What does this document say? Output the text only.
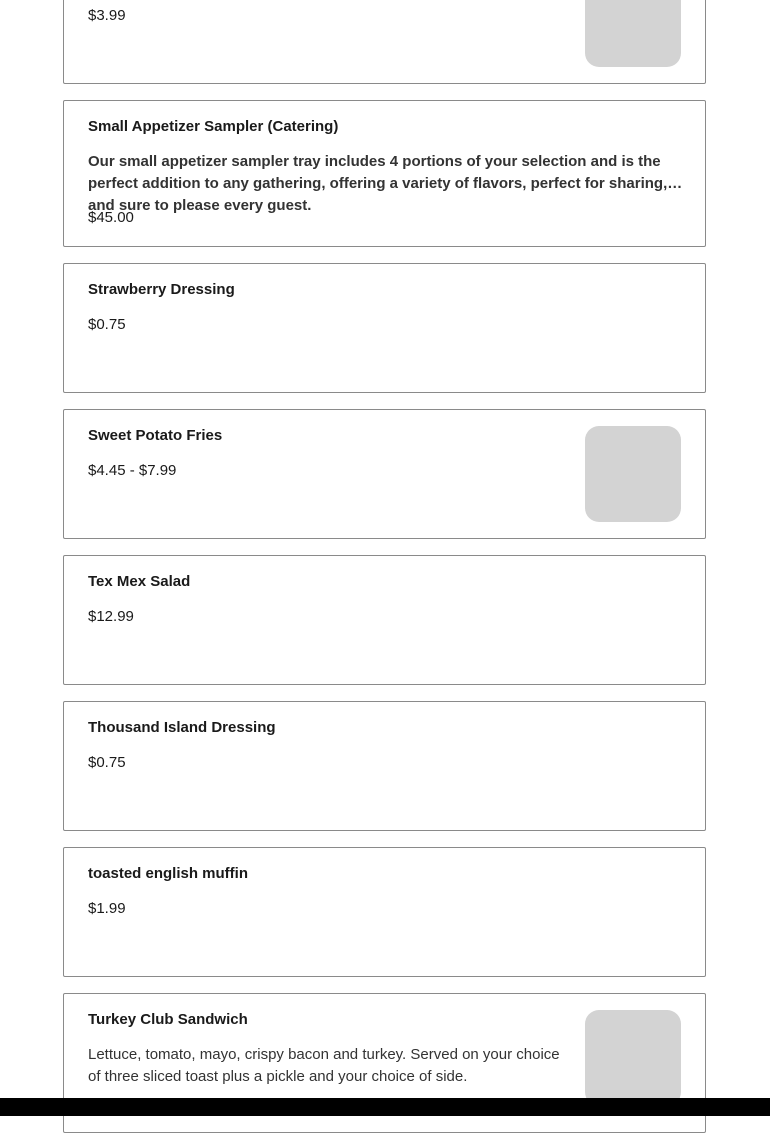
$3.99
Small Appetizer Sampler (Catering)
Our small appetizer sampler tray includes 4 portions of your selection and is the perfect addition to any gathering, offering a variety of flavors, perfect for sharing, and sure to please every guest.
$45.00
Strawberry Dressing
$0.75
Sweet Potato Fries
$4.45 - $7.99
Tex Mex Salad
$12.99
Thousand Island Dressing
$0.75
toasted english muffin
$1.99
Turkey Club Sandwich
Lettuce, tomato, mayo, crispy bacon and turkey. Served on your choice of three sliced toast plus a pickle and your choice of side.
